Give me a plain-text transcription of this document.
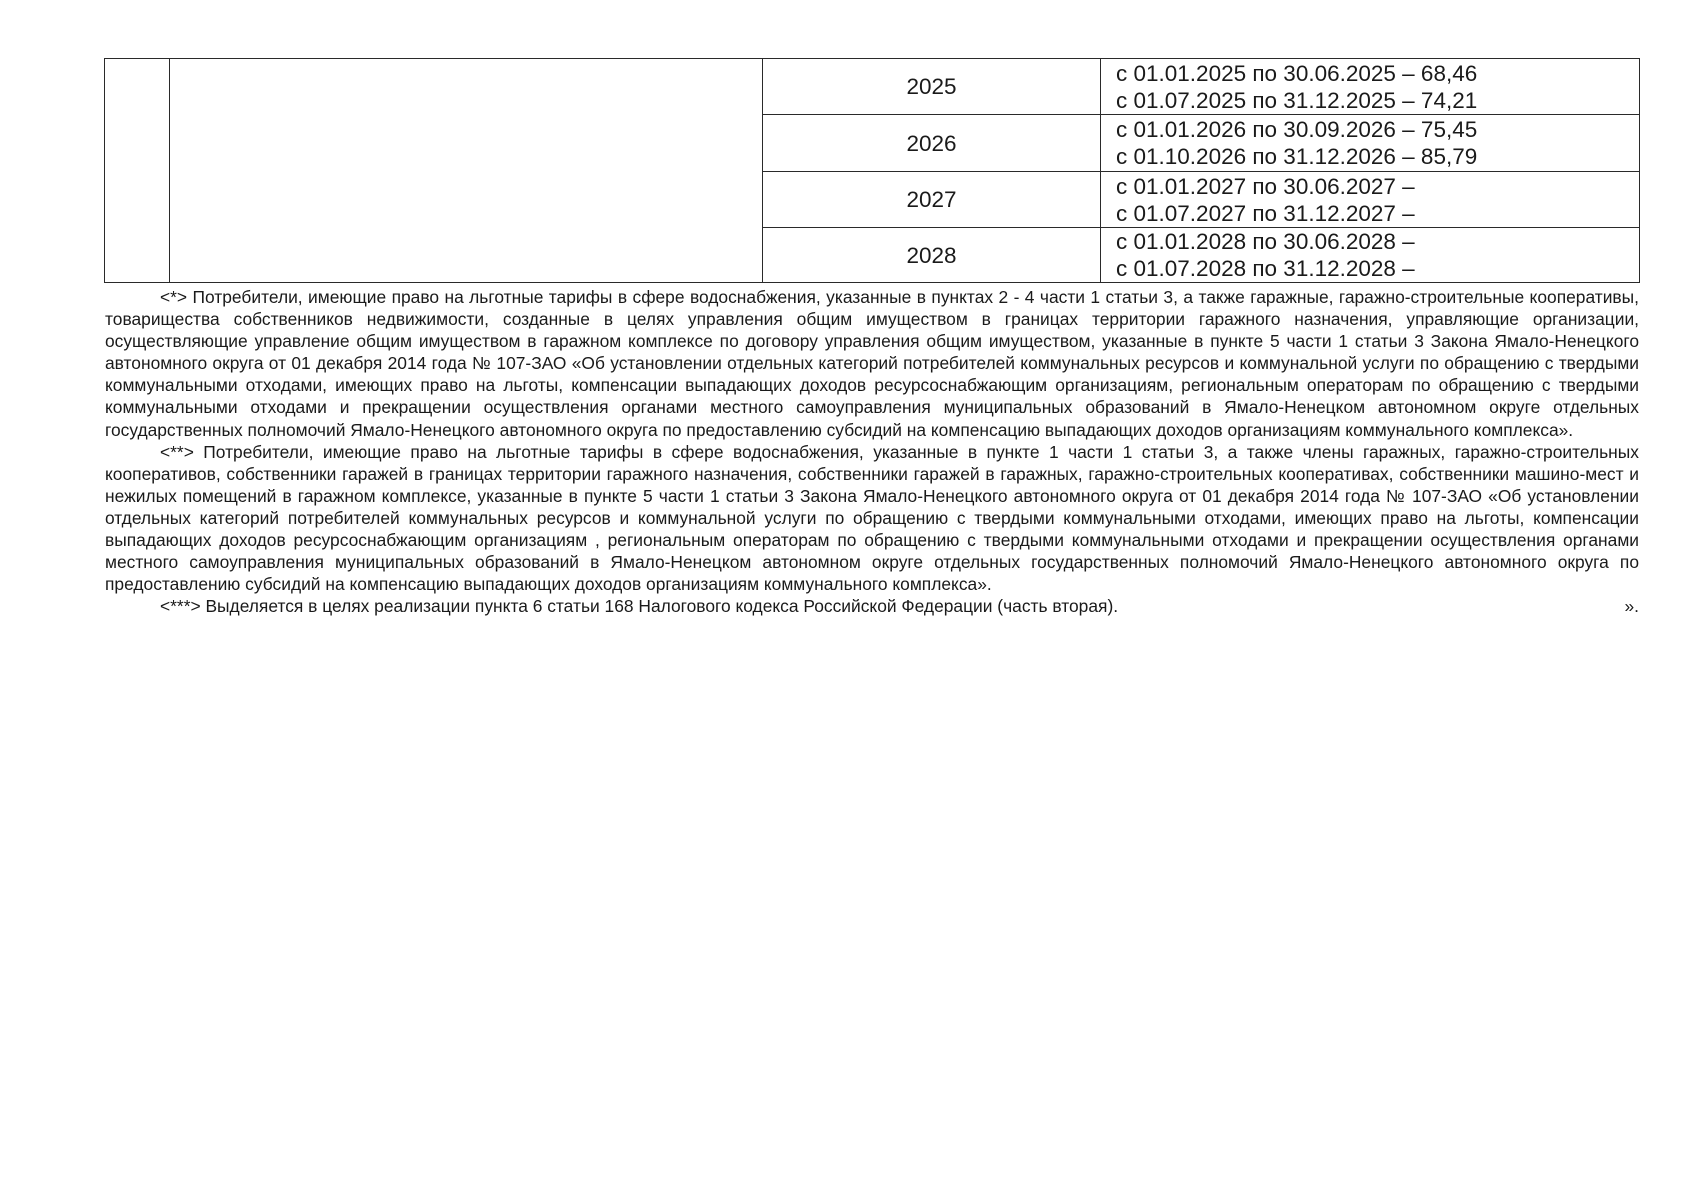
		2025	с 01.01.2025 по 30.06.2025 – 68,46
с 01.07.2025 по 31.12.2025 – 74,21

		2026	с 01.01.2026 по 30.09.2026 – 75,45
с 01.10.2026 по 31.12.2026 – 85,79

		2027	с 01.01.2027 по 30.06.2027 –
с 01.07.2027 по 31.12.2027 –

		2028	с 01.01.2028 по 30.06.2028 –
с 01.07.2028 по 31.12.2028 –

<*> Потребители, имеющие право на льготные тарифы в сфере водоснабжения, указанные в пунктах 2 - 4 части 1 статьи 3, а также гаражные, гаражно-строительные кооперативы, товарищества собственников недвижимости, созданные в целях управления общим имуществом в границах территории гаражного назначения, управляющие организации, осуществляющие управление общим имуществом в гаражном комплексе по договору управления общим имуществом, указанные в пункте 5 части 1 статьи 3 Закона Ямало-Ненецкого автономного округа от 01 декабря 2014 года № 107-ЗАО «Об установлении отдельных категорий потребителей коммунальных ресурсов и коммунальной услуги по обращению с твердыми коммунальными отходами, имеющих право на льготы, компенсации выпадающих доходов ресурсоснабжающим организациям, региональным операторам по обращению с твердыми коммунальными отходами и прекращении осуществления органами местного самоуправления муниципальных образований в Ямало-Ненецком автономном округе отдельных государственных полномочий Ямало-Ненецкого автономного округа по предоставлению субсидий на компенсацию выпадающих доходов организациям коммунального комплекса».

<**> Потребители, имеющие право на льготные тарифы в сфере водоснабжения, указанные в пункте 1 части 1 статьи 3, а также члены гаражных, гаражно-строительных кооперативов, собственники гаражей в границах территории гаражного назначения, собственники гаражей в гаражных, гаражно-строительных кооперативах, собственники машино-мест и нежилых помещений в гаражном комплексе, указанные в пункте 5 части 1 статьи 3 Закона Ямало-Ненецкого автономного округа от 01 декабря 2014 года № 107-ЗАО «Об установлении отдельных категорий потребителей коммунальных ресурсов и коммунальной услуги по обращению с твердыми коммунальными отходами, имеющих право на льготы, компенсации выпадающих доходов ресурсоснабжающим организациям , региональным операторам по обращению с твердыми коммунальными отходами и прекращении осуществления органами местного самоуправления муниципальных образований в Ямало-Ненецком автономном округе отдельных государственных полномочий Ямало-Ненецкого автономного округа по предоставлению субсидий на компенсацию выпадающих доходов организациям коммунального комплекса».

<***> Выделяется в целях реализации пункта 6 статьи 168 Налогового кодекса Российской Федерации (часть вторая).	».
